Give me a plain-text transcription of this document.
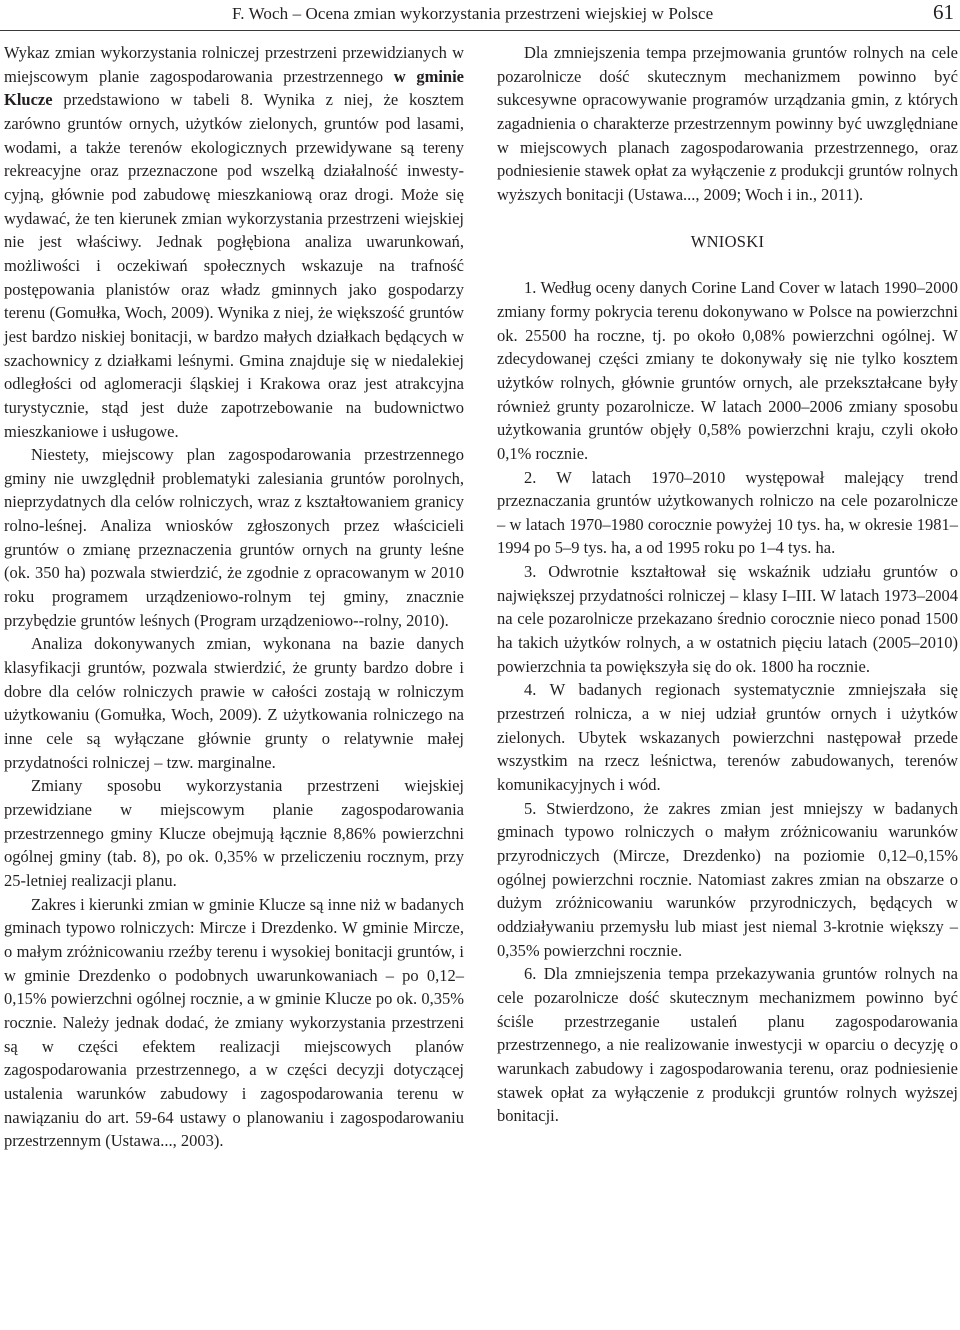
F. Woch – Ocena zmian wykorzystania przestrzeni wiejskiej w Polsce	61

Wykaz zmian wykorzystania rolniczej przestrzeni przewidzianych w miejscowym planie zagospodarowania przestrzennego w gminie Klucze przedstawiono w tabeli 8. Wynika z niej, że kosztem zarówno gruntów ornych, użytków zielonych, gruntów pod lasami, wodami, a także terenów ekologicznych przewidywane są tereny rekreacyjne oraz przeznaczone pod wszelką działalność inwestycyjną, głównie pod zabudowę mieszkaniową oraz drogi. Może się wydawać, że ten kierunek zmian wykorzystania przestrzeni wiejskiej nie jest właściwy. Jednak pogłębiona analiza uwarunkowań, możliwości i oczekiwań społecznych wskazuje na trafność postępowania planistów oraz władz gminnych jako gospodarzy terenu (Gomułka, Woch, 2009). Wynika z niej, że większość gruntów jest bardzo niskiej bonitacji, w bardzo małych działkach będących w szachownicy z działkami leśnymi. Gmina znajduje się w niedalekiej odległości od aglomeracji śląskiej i Krakowa oraz jest atrakcyjna turystycznie, stąd jest duże zapotrzebowanie na budownictwo mieszkaniowe i usługowe.

Niestety, miejscowy plan zagospodarowania przestrzennego gminy nie uwzględnił problematyki zalesiania gruntów porolnych, nieprzydatnych dla celów rolniczych, wraz z kształtowaniem granicy rolno-leśnej. Analiza wniosków zgłoszonych przez właścicieli gruntów o zmianę przeznaczenia gruntów ornych na grunty leśne (ok. 350 ha) pozwala stwierdzić, że zgodnie z opracowanym w 2010 roku programem urządzeniowo-rolnym tej gminy, znacznie przybędzie gruntów leśnych (Program urządzeniowo--rolny, 2010).

Analiza dokonywanych zmian, wykonana na bazie danych klasyfikacji gruntów, pozwala stwierdzić, że grunty bardzo dobre i dobre dla celów rolniczych prawie w całości zostają w rolniczym użytkowaniu (Gomułka, Woch, 2009). Z użytkowania rolniczego na inne cele są wyłączane głównie grunty o relatywnie małej przydatności rolniczej – tzw. marginalne.

Zmiany sposobu wykorzystania przestrzeni wiejskiej przewidziane w miejscowym planie zagospodarowania przestrzennego gminy Klucze obejmują łącznie 8,86% powierzchni ogólnej gminy (tab. 8), po ok. 0,35% w przeliczeniu rocznym, przy 25-letniej realizacji planu.

Zakres i kierunki zmian w gminie Klucze są inne niż w badanych gminach typowo rolniczych: Mircze i Drezdenko. W gminie Mircze, o małym zróżnicowaniu rzeźby terenu i wysokiej bonitacji gruntów, i w gminie Drezdenko o podobnych uwarunkowaniach – po 0,12–0,15% powierzchni ogólnej rocznie, a w gminie Klucze po ok. 0,35% rocznie. Należy jednak dodać, że zmiany wykorzystania przestrzeni są w części efektem realizacji miejscowych planów zagospodarowania przestrzennego, a w części decyzji dotyczącej ustalenia warunków zabudowy i zagospodarowania terenu w nawiązaniu do art. 59-64 ustawy o planowaniu i zagospodarowaniu przestrzennym (Ustawa..., 2003).

Dla zmniejszenia tempa przejmowania gruntów rolnych na cele pozarolnicze dość skutecznym mechanizmem powinno być sukcesywne opracowywanie programów urządzania gmin, z których zagadnienia o charakterze przestrzennym powinny być uwzględniane w miejscowych planach zagospodarowania przestrzennego, oraz podniesienie stawek opłat za wyłączenie z produkcji gruntów rolnych wyższych bonitacji (Ustawa..., 2009; Woch i in., 2011).

WNIOSKI

1. Według oceny danych Corine Land Cover w latach 1990–2000 zmiany formy pokrycia terenu dokonywano w Polsce na powierzchni ok. 25500 ha roczne, tj. po około 0,08% powierzchni ogólnej. W zdecydowanej części zmiany te dokonywały się nie tylko kosztem użytków rolnych, głównie gruntów ornych, ale przekształcane były również grunty pozarolnicze. W latach 2000–2006 zmiany sposobu użytkowania gruntów objęły 0,58% powierzchni kraju, czyli około 0,1% rocznie.

2. W latach 1970–2010 występował malejący trend przeznaczania gruntów użytkowanych rolniczo na cele pozarolnicze – w latach 1970–1980 corocznie powyżej 10 tys. ha, w okresie 1981–1994 po 5–9 tys. ha, a od 1995 roku po 1–4 tys. ha.

3. Odwrotnie kształtował się wskaźnik udziału gruntów o największej przydatności rolniczej – klasy I–III. W latach 1973–2004 na cele pozarolnicze przekazano średnio corocznie nieco ponad 1500 ha takich użytków rolnych, a w ostatnich pięciu latach (2005–2010) powierzchnia ta powiększyła się do ok. 1800 ha rocznie.

4. W badanych regionach systematycznie zmniejszała się przestrzeń rolnicza, a w niej udział gruntów ornych i użytków zielonych. Ubytek wskazanych powierzchni następował przede wszystkim na rzecz leśnictwa, terenów zabudowanych, terenów komunikacyjnych i wód.

5. Stwierdzono, że zakres zmian jest mniejszy w badanych gminach typowo rolniczych o małym zróżnicowaniu warunków przyrodniczych (Mircze, Drezdenko) na poziomie 0,12–0,15% ogólnej powierzchni rocznie. Natomiast zakres zmian na obszarze o dużym zróżnicowaniu warunków przyrodniczych, będących w oddziaływaniu przemysłu lub miast jest niemal 3-krotnie większy – 0,35% powierzchni rocznie.

6. Dla zmniejszenia tempa przekazywania gruntów rolnych na cele pozarolnicze dość skutecznym mechanizmem powinno być ściśle przestrzeganie ustaleń planu zagospodarowania przestrzennego, a nie realizowanie inwestycji w oparciu o decyzję o warunkach zabudowy i zagospodarowania terenu, oraz podniesienie stawek opłat za wyłączenie z produkcji gruntów rolnych wyższej bonitacji.
